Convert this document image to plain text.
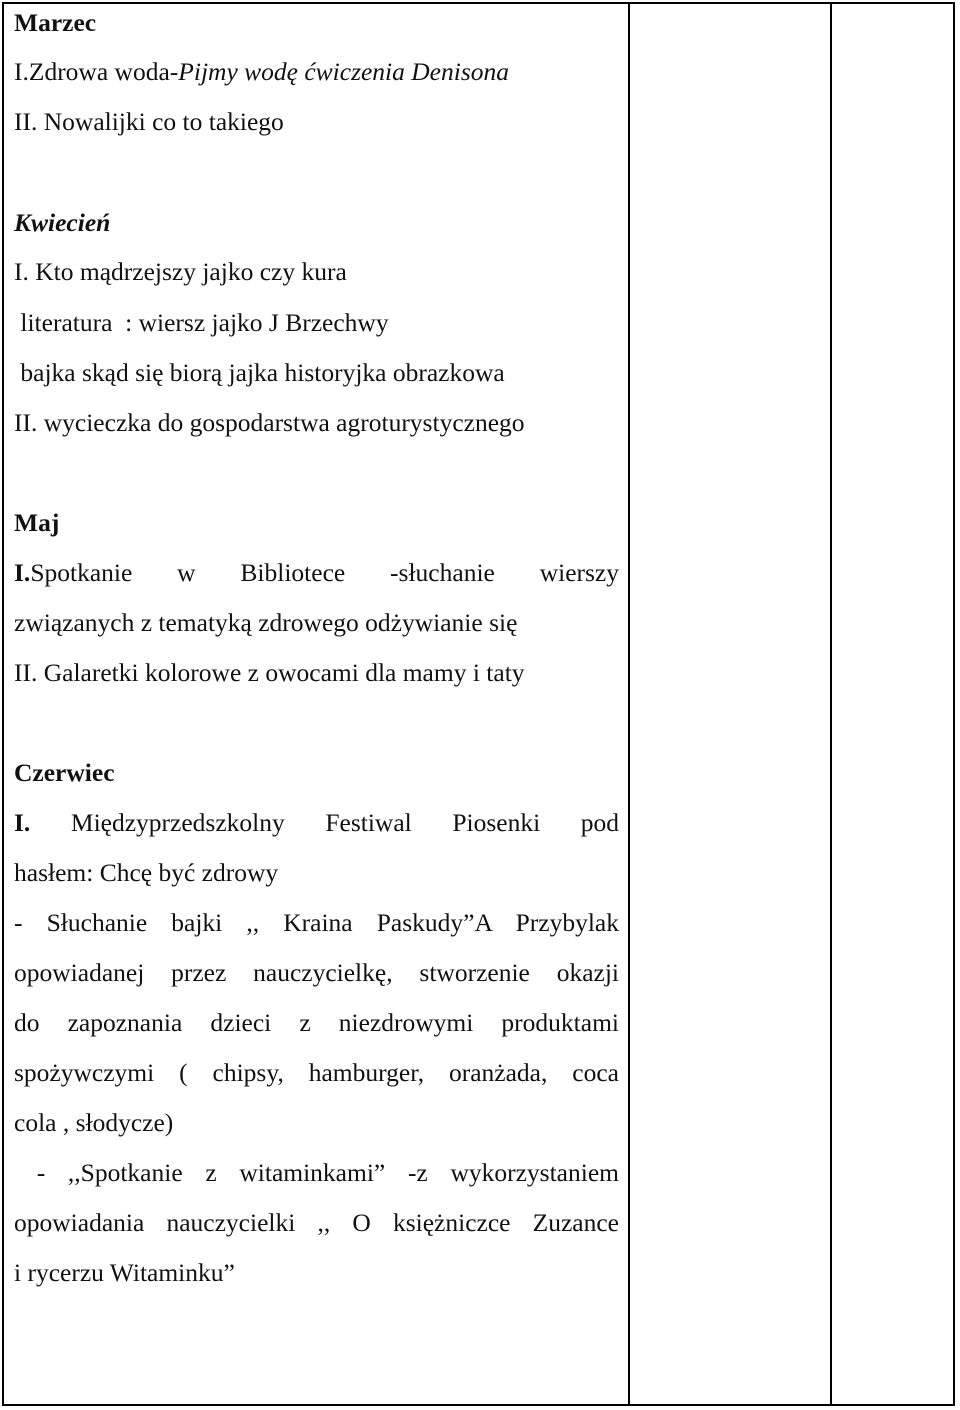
Marzec
I.Zdrowa woda-Pijmy wodę ćwiczenia Denisona
II. Nowalijki co to takiego
Kwiecień
I. Kto mądrzejszy jajko czy kura
literatura  : wiersz jajko J Brzechwy
bajka skąd się biorą jajka historyjka obrazkowa
II. wycieczka do gospodarstwa agroturystycznego
Maj
I.Spotkanie w Bibliotece -słuchanie wierszy
związanych z tematyką zdrowego odżywianie się
II. Galaretki kolorowe z owocami dla mamy i taty
Czerwiec
I. Międzyprzedszkolny Festiwal Piosenki pod
hasłem: Chcę być zdrowy
- Słuchanie bajki ,, Kraina Paskudy”A Przybylak
opowiadanej przez nauczycielkę, stworzenie okazji
do zapoznania dzieci z niezdrowymi produktami
spożywczymi ( chipsy, hamburger, oranżada, coca
cola , słodycze)
- ,,Spotkanie z witaminkami” -z wykorzystaniem
opowiadania nauczycielki ,, O księżniczce Zuzance
i rycerzu Witaminku”
